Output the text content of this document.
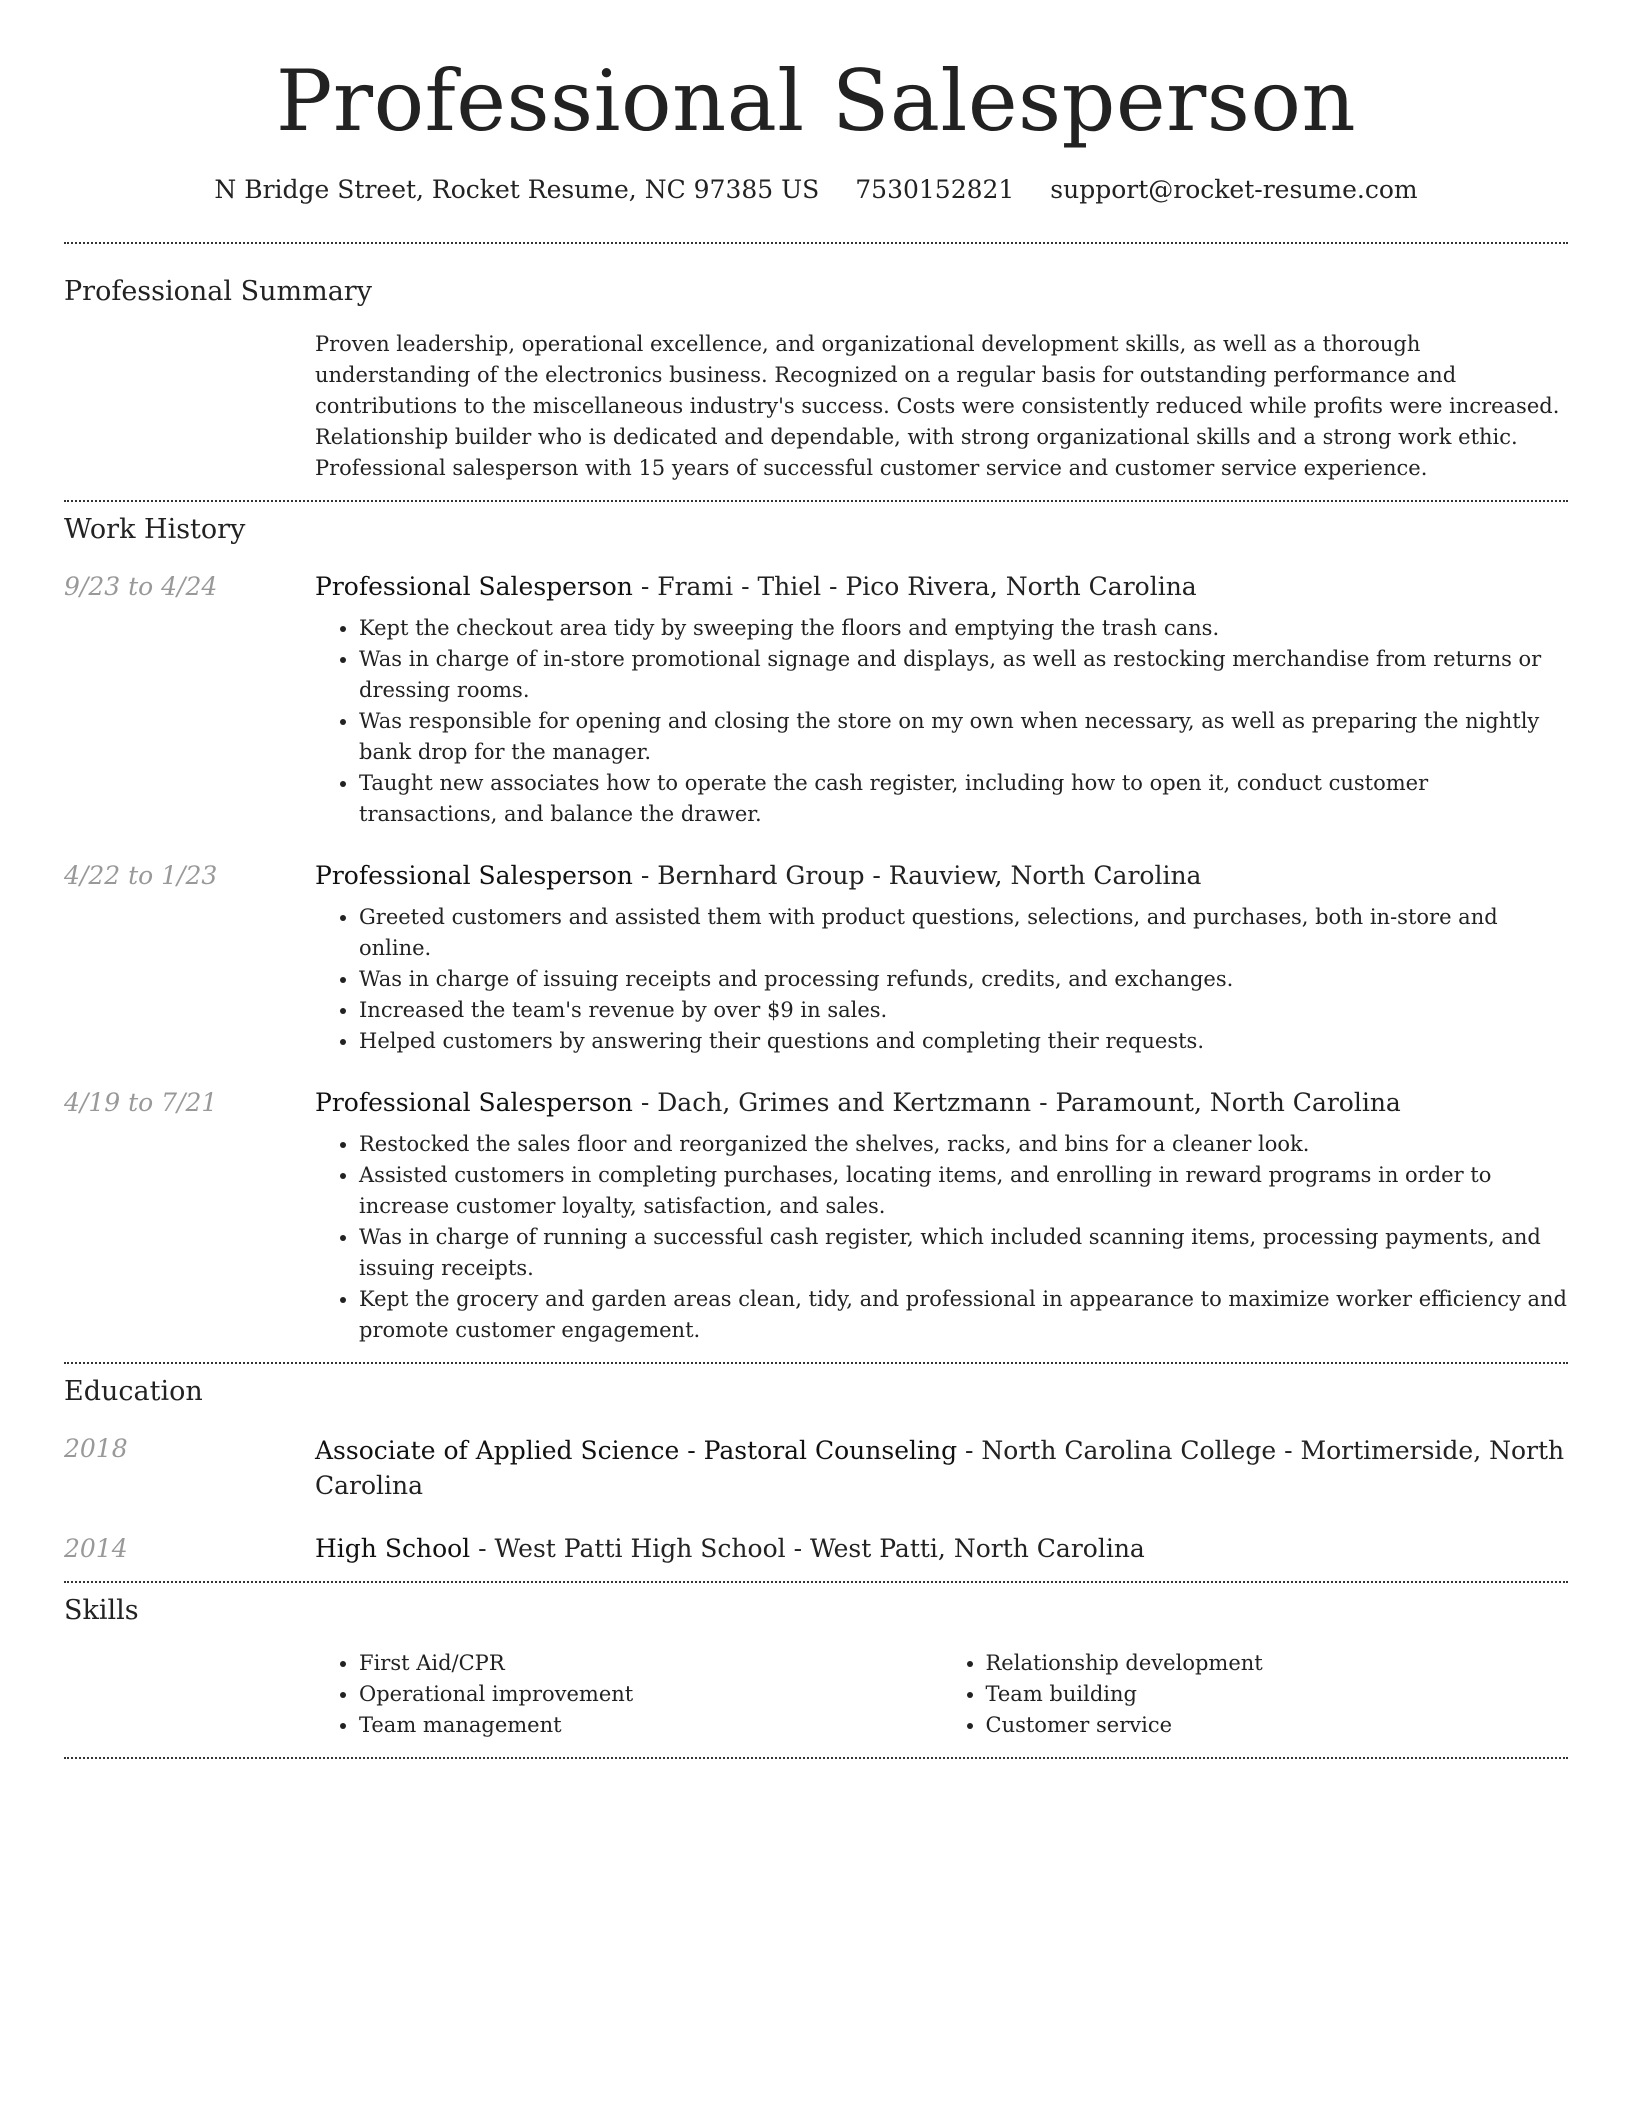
Professional Salesperson
N Bridge Street, Rocket Resume, NC 97385 US 7530152821 support@rocket-resume.com
Professional Summary

Proven leadership, operational excellence, and organizational development skills, as well as a thorough understanding of the electronics business. Recognized on a regular basis for outstanding performance and contributions to the miscellaneous industry's success. Costs were consistently reduced while profits were increased. Relationship builder who is dedicated and dependable, with strong organizational skills and a strong work ethic. Professional salesperson with 15 years of successful customer service and customer service experience.

Work History
9/23 to 4/24	Professional Salesperson - Frami - Thiel - Pico Rivera, North Carolina

• Kept the checkout area tidy by sweeping the floors and emptying the trash cans.
• Was in charge of in-store promotional signage and displays, as well as restocking merchandise from returns or dressing rooms.
• Was responsible for opening and closing the store on my own when necessary, as well as preparing the nightly bank drop for the manager.
• Taught new associates how to operate the cash register, including how to open it, conduct customer transactions, and balance the drawer.
4/22 to 1/23	Professional Salesperson - Bernhard Group - Rauview, North Carolina

• Greeted customers and assisted them with product questions, selections, and purchases, both in-store and online.
• Was in charge of issuing receipts and processing refunds, credits, and exchanges.
• Increased the team's revenue by over $9 in sales.
• Helped customers by answering their questions and completing their requests.
4/19 to 7/21	Professional Salesperson - Dach, Grimes and Kertzmann - Paramount, North Carolina

• Restocked the sales floor and reorganized the shelves, racks, and bins for a cleaner look.
• Assisted customers in completing purchases, locating items, and enrolling in reward programs in order to increase customer loyalty, satisfaction, and sales.
• Was in charge of running a successful cash register, which included scanning items, processing payments, and issuing receipts.
• Kept the grocery and garden areas clean, tidy, and professional in appearance to maximize worker efficiency and promote customer engagement.
Education
2018	Associate of Applied Science - Pastoral Counseling - North Carolina College - Mortimerside, North Carolina

2014	High School - West Patti High School - West Patti, North Carolina

Skills
• First Aid/CPR
• Operational improvement
• Team management
• Relationship development
• Team building
• Customer service
